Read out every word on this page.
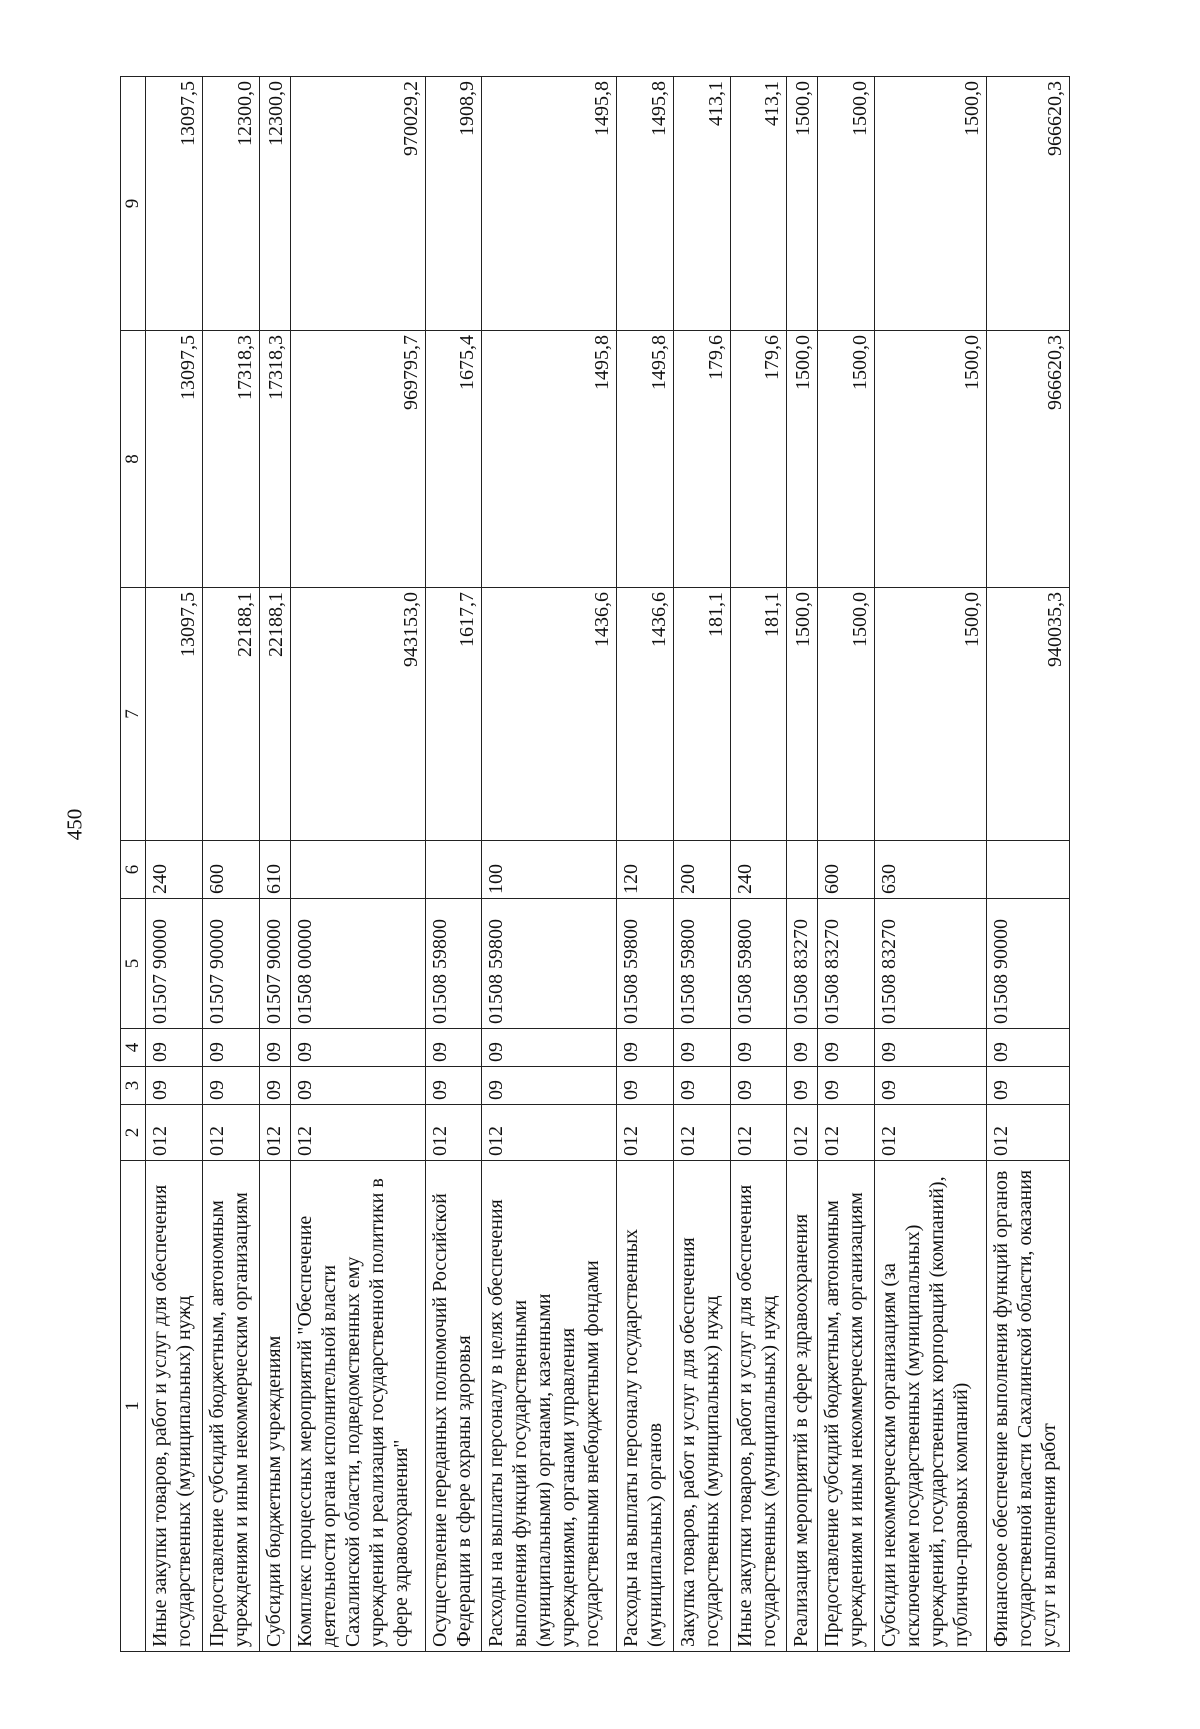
450
1	2	3	4	5	6	7	8	9
Иные закупки товаров, работ и услуг для обеспечения государственных (муниципальных) нужд	012	09	09	01507 90000	240	13097,5	13097,5	13097,5
Предоставление субсидий бюджетным, автономным учреждениям и иным некоммерческим организациям	012	09	09	01507 90000	600	22188,1	17318,3	12300,0
Субсидии бюджетным учреждениям	012	09	09	01507 90000	610	22188,1	17318,3	12300,0
Комплекс процессных мероприятий "Обеспечение деятельности органа исполнительной власти Сахалинской области, подведомственных ему учреждений и реализация государственной политики в сфере здравоохранения"	012	09	09	01508 00000		943153,0	969795,7	970029,2
Осуществление переданных полномочий Российской Федерации в сфере охраны здоровья	012	09	09	01508 59800		1617,7	1675,4	1908,9
Расходы на выплаты персоналу в целях обеспечения выполнения функций государственными (муниципальными) органами, казенными учреждениями, органами управления государственными внебюджетными фондами	012	09	09	01508 59800	100	1436,6	1495,8	1495,8
Расходы на выплаты персоналу государственных (муниципальных) органов	012	09	09	01508 59800	120	1436,6	1495,8	1495,8
Закупка товаров, работ и услуг для обеспечения государственных (муниципальных) нужд	012	09	09	01508 59800	200	181,1	179,6	413,1
Иные закупки товаров, работ и услуг для обеспечения государственных (муниципальных) нужд	012	09	09	01508 59800	240	181,1	179,6	413,1
Реализация мероприятий в сфере здравоохранения	012	09	09	01508 83270		1500,0	1500,0	1500,0
Предоставление субсидий бюджетным, автономным учреждениям и иным некоммерческим организациям	012	09	09	01508 83270	600	1500,0	1500,0	1500,0
Субсидии некоммерческим организациям (за исключением государственных (муниципальных) учреждений, государственных корпораций (компаний), публично-правовых компаний)	012	09	09	01508 83270	630	1500,0	1500,0	1500,0
Финансовое обеспечение выполнения функций органов государственной власти Сахалинской области, оказания услуг и выполнения работ	012	09	09	01508 90000		940035,3	966620,3	966620,3
